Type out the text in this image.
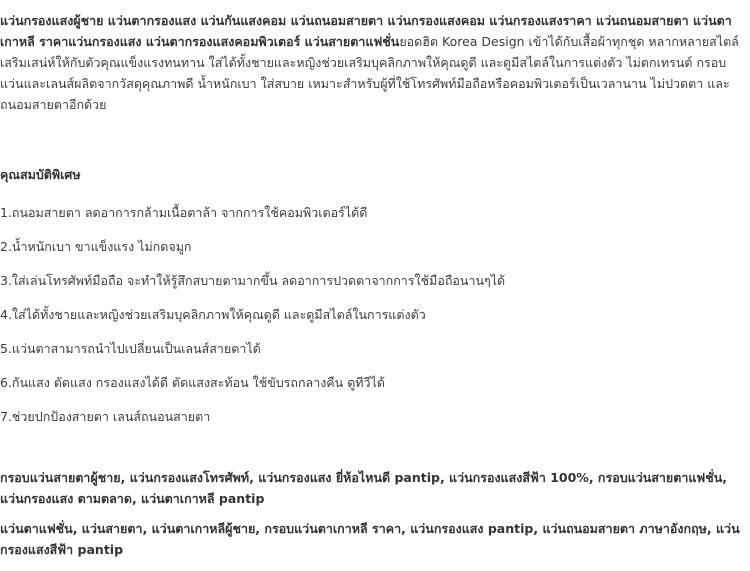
แว่นกรองแสงผู้ชาย แว่นตากรองแสง แว่นกันแสงคอม แว่นถนอมสายตา แว่นกรองแสงคอม แว่นกรองแสงราคา แว่นถนอมสายตา แว่นตาเกาหลี ราคาแว่นกรองแสง แว่นตากรองแสงคอมพิวเตอร์ แว่นสายตาแฟชั่นยอดฮิต Korea Design เข้าได้กับเสื้อผ้าทุกชุด หลากหลายสไตล์ เสริมเสน่ห์ให้กับตัวคุณแข็งแรงทนทาน ใส่ได้ทั้งชายและหญิงช่วยเสริมบุคลิกภาพให้คุณดูดี และดูมีสไตล์ในการแต่งตัว ไม่ตกเทรนด์ กรอบแว่นและเลนส์ผลิตจากวัสดุคุณภาพดี น้ำหนักเบา ใส่สบาย เหมาะสำหรับผู้ที่ใช้โทรศัพท์มือถือหรือคอมพิวเตอร์เป็นเวลานาน ไม่ปวดตา และถนอมสายตาอีกด้วย

คุณสมบัติพิเศษ
1.ถนอมสายตา ลดอาการกล้ามเนื้อตาล้า จากการใช้คอมพิวเตอร์ได้ดี
2.น้ำหนักเบา ขาแข็งแรง ไม่กดจมูก
3.ใส่เล่นโทรศัพท์มือถือ จะทำให้รู้สึกสบายตามากขึ้น ลดอาการปวดตาจากการใช้มือถือนานๆได้
4.ใส่ได้ทั้งชายและหญิงช่วยเสริมบุคลิกภาพให้คุณดูดี และดูมีสไตล์ในการแต่งตัว
5.แว่นตาสามารถนำไปเปลี่ยนเป็นเลนส์สายตาได้
6.กันแสง ตัดแสง กรองแสงได้ดี ตัดแสงสะท้อน ใช้ขับรถกลางคืน ดูทีวีได้
7.ช่วยปกป้องสายตา เลนส์ถนอนสายตา

กรอบแว่นสายตาผู้ชาย, แว่นกรองแสงโทรศัพท์, แว่นกรองแสง ยี่ห้อไหนดี pantip, แว่นกรองแสงสีฟ้า 100%, กรอบแว่นสายตาแฟชั่น, แว่นกรองแสง ตามตลาด, แว่นตาเกาหลี pantip

แว่นตาแฟชั่น, แว่นสายตา, แว่นตาเกาหลีผู้ชาย, กรอบแว่นตาเกาหลี ราคา, แว่นกรองแสง pantip, แว่นถนอมสายตา ภาษาอังกฤษ, แว่นกรองแสงสีฟ้า pantip
